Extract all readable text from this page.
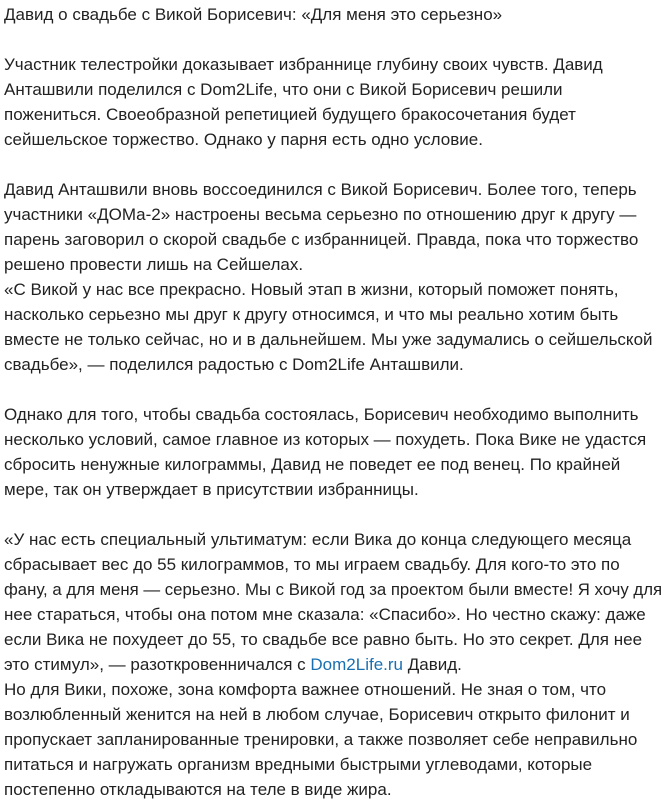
Давид о свадьбе с Викой Борисевич: «Для меня это серьезно»

Участник телестройки доказывает избраннице глубину своих чувств. Давид
Анташвили поделился с Dom2Life, что они с Викой Борисевич решили
пожениться. Своеобразной репетицией будущего бракосочетания будет
сейшельское торжество. Однако у парня есть одно условие.

Давид Анташвили вновь воссоединился с Викой Борисевич. Более того, теперь
участники «ДОМа-2» настроены весьма серьезно по отношению друг к другу —
парень заговорил о скорой свадьбе с избранницей. Правда, пока что торжество
решено провести лишь на Сейшелах.

«С Викой у нас все прекрасно. Новый этап в жизни, который поможет понять,
насколько серьезно мы друг к другу относимся, и что мы реально хотим быть
вместе не только сейчас, но и в дальнейшем. Мы уже задумались о сейшельской
свадьбе», — поделился радостью с Dom2Life Анташвили.

Однако для того, чтобы свадьба состоялась, Борисевич необходимо выполнить
несколько условий, самое главное из которых — похудеть. Пока Вике не удастся
сбросить ненужные килограммы, Давид не поведет ее под венец. По крайней
мере, так он утверждает в присутствии избранницы.

«У нас есть специальный ультиматум: если Вика до конца следующего месяца
сбрасывает вес до 55 килограммов, то мы играем свадьбу. Для кого-то это по
фану, а для меня — серьезно. Мы с Викой год за проектом были вместе! Я хочу для
нее стараться, чтобы она потом мне сказала: «Спасибо». Но честно скажу: даже
если Вика не похудеет до 55, то свадьбе все равно быть. Но это секрет. Для нее
это стимул», — разоткровенничался с Dom2Life.ru Давид.

Но для Вики, похоже, зона комфорта важнее отношений. Не зная о том, что
возлюбленный женится на ней в любом случае, Борисевич открыто филонит и
пропускает запланированные тренировки, а также позволяет себе неправильно
питаться и нагружать организм вредными быстрыми углеводами, которые
постепенно откладываются на теле в виде жира.
